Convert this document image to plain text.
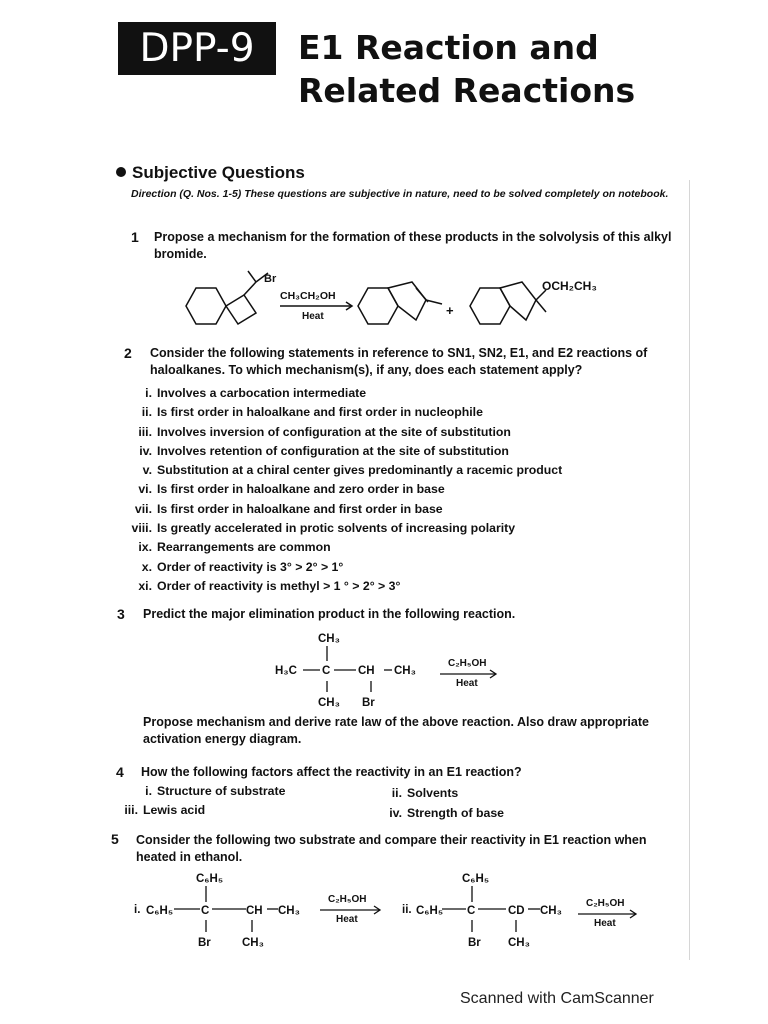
DPP-9	E1 Reaction and
Related Reactions
Subjective Questions
Direction (Q. Nos. 1-5) These questions are subjective in nature, need to be solved completely on notebook.
1 Propose a mechanism for the formation of these products in the solvolysis of this alkyl bromide.
Br
CH₃CH₂OH
Heat	+
OCH₂CH₃
2 Consider the following statements in reference to SN1, SN2, E1, and E2 reactions of haloalkanes. To which mechanism(s), if any, does each statement apply?
i. Involves a carbocation intermediate
ii. Is first order in haloalkane and first order in nucleophile
iii. Involves inversion of configuration at the site of substitution
iv. Involves retention of configuration at the site of substitution
v. Substitution at a chiral center gives predominantly a racemic product
vi. Is first order in haloalkane and zero order in base
vii. Is first order in haloalkane and first order in base
viii. Is greatly accelerated in protic solvents of increasing polarity
ix. Rearrangements are common
x. Order of reactivity is 3° > 2° > 1°
xi. Order of reactivity is methyl > 1 ° > 2° > 3°
3 Predict the major elimination product in the following reaction.
CH₃
H₃C C CH CH₃
CH₃ Br
C₂H₅OH
Heat
Propose mechanism and derive rate law of the above reaction. Also draw appropriate activation energy diagram.
4 How the following factors affect the reactivity in an E1 reaction?
i. Structure of substrate	ii. Solvents
iii. Lewis acid	iv. Strength of base
5 Consider the following two substrate and compare their reactivity in E1 reaction when heated in ethanol.
i.
C₆H₅
C₆H₅ C	CH CH₃
Br	CH₃
C₂H₅OH
Heat
ii.
C₆H₅
C₆H₅ C	CD CH₃
Br CH₃
C₂H₅OH
Heat
Scanned with CamScanner
